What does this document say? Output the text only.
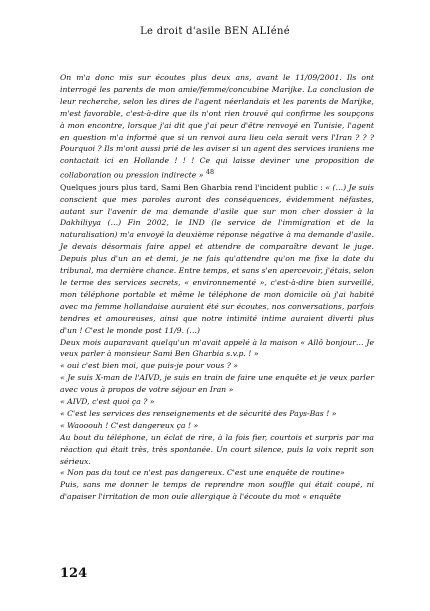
Le droit d'asile BEN ALIéné

On m'a donc mis sur écoutes plus deux ans, avant le 11/09/2001. Ils ont interrogé les parents de mon amie/femme/concubine Marijke. La conclusion de leur recherche, selon les dires de l'agent néerlandais et les parents de Marijke, m'est favorable, c'est-à-dire que ils n'ont rien trouvé qui confirme les soupçons à mon encontre, lorsque j'ai dit que j'ai peur d'être renvoyé en Tunisie, l'agent en question m'a informé que si un renvoi aura lieu cela serait vers l'Iran ? ? ? Pourquoi ? Ils m'ont aussi prié de les aviser si un agent des services iraniens me contactait ici en Hollande ! ! ! Ce qui laisse deviner une proposition de collaboration ou pression indirecte » $^{48}$

Quelques jours plus tard, Sami Ben Gharbia rend l'incident public : « (…) Je suis conscient que mes paroles auront des conséquences, évidemment néfastes, autant sur l'avenir de ma demande d'asile que sur mon cher dossier à la Dakhiliyya (…) Fin 2002, le IND (le service de l'immigration et de la naturalisation) m'a envoyé la deuxième réponse négative à ma demande d'asile. Je devais désormais faire appel et attendre de comparaître devant le juge. Depuis plus d'un an et demi, je ne fais qu'attendre qu'on me fixe la date du tribunal, ma dernière chance. Entre temps, et sans s'en apercevoir, j'étais, selon le terme des services secrets, « environnementé », c'est-à-dire bien surveillé, mon téléphone portable et même le téléphone de mon domicile où j'ai habité avec ma femme hollandaise auraient été sur écoutes, nos conversations, parfois tendres et amoureuses, ainsi que notre intimité intime auraient diverti plus d'un ! C'est le monde post 11/9. (…)

Deux mois auparavant quelqu'un m'avait appelé à la maison « Allô bonjour… Je veux parler à monsieur Sami Ben Gharbia s.v.p. ! »

« oui c'est bien moi, que puis-je pour vous ? »

« Je suis X-man de l'AIVD, je suis en train de faire une enquête et je veux parler avec vous à propos de votre séjour en Iran »

« AIVD, c'est quoi ça ? »

« C'est les services des renseignements et de sécurité des Pays-Bas ! »

« Waooouh ! C'est dangereux ça ! »

Au bout du téléphone, un éclat de rire, à la fois fier, courtois et surpris par ma réaction qui était très, très spontanée. Un court silence, puis la voix reprit son sérieux.

« Non pas du tout ce n'est pas dangereux. C'est une enquête de routine»

Puis, sans me donner le temps de reprendre mon souffle qui était coupé, ni d'apaiser l'irritation de mon ouïe allergique à l'écoute du mot « enquête

124
